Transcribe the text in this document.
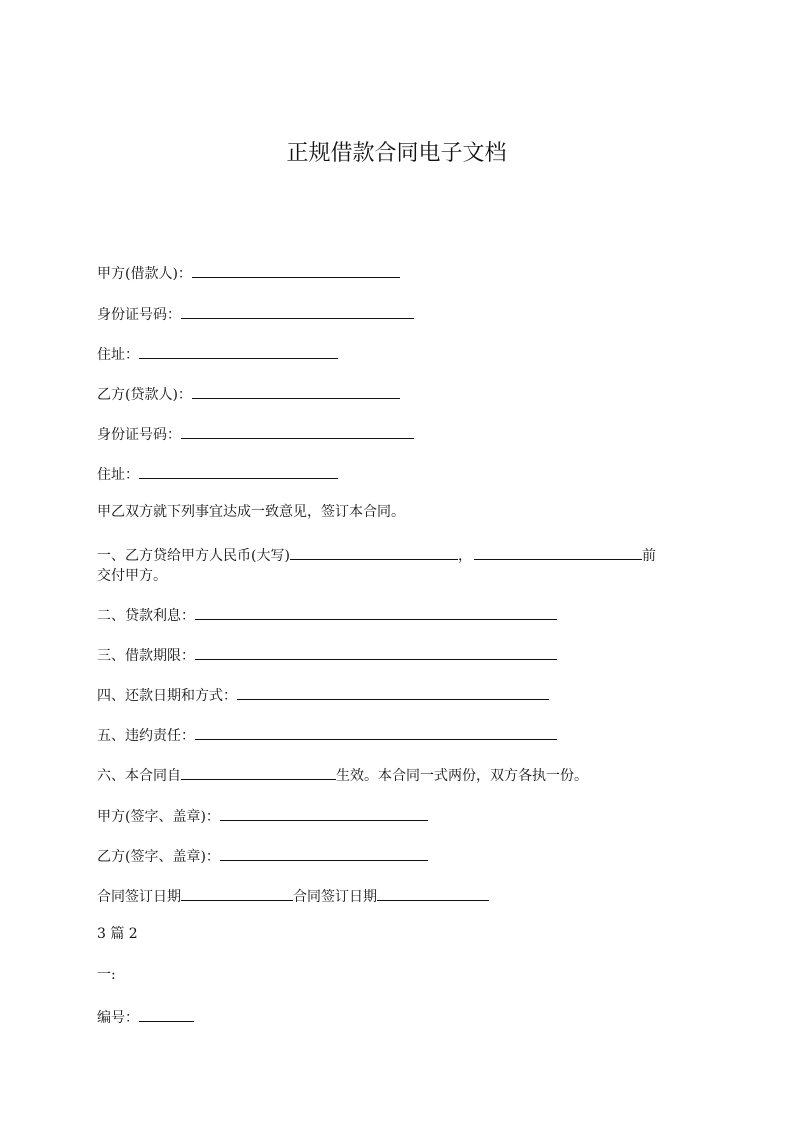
正规借款合同电子文档
甲方(借款人)：
身份证号码：
住址：
乙方(贷款人)：
身份证号码：
住址：
甲乙双方就下列事宜达成一致意见，签订本合同。
一、乙方贷给甲方人民币(大写)	，	前
交付甲方。
二、贷款利息：
三、借款期限：
四、还款日期和方式：
五、违约责任：
六、本合同自	生效。本合同一式两份，双方各执一份。
甲方(签字、盖章)：
乙方(签字、盖章)：
合同签订日期	合同签订日期
3 篇 2
一:
编号：
